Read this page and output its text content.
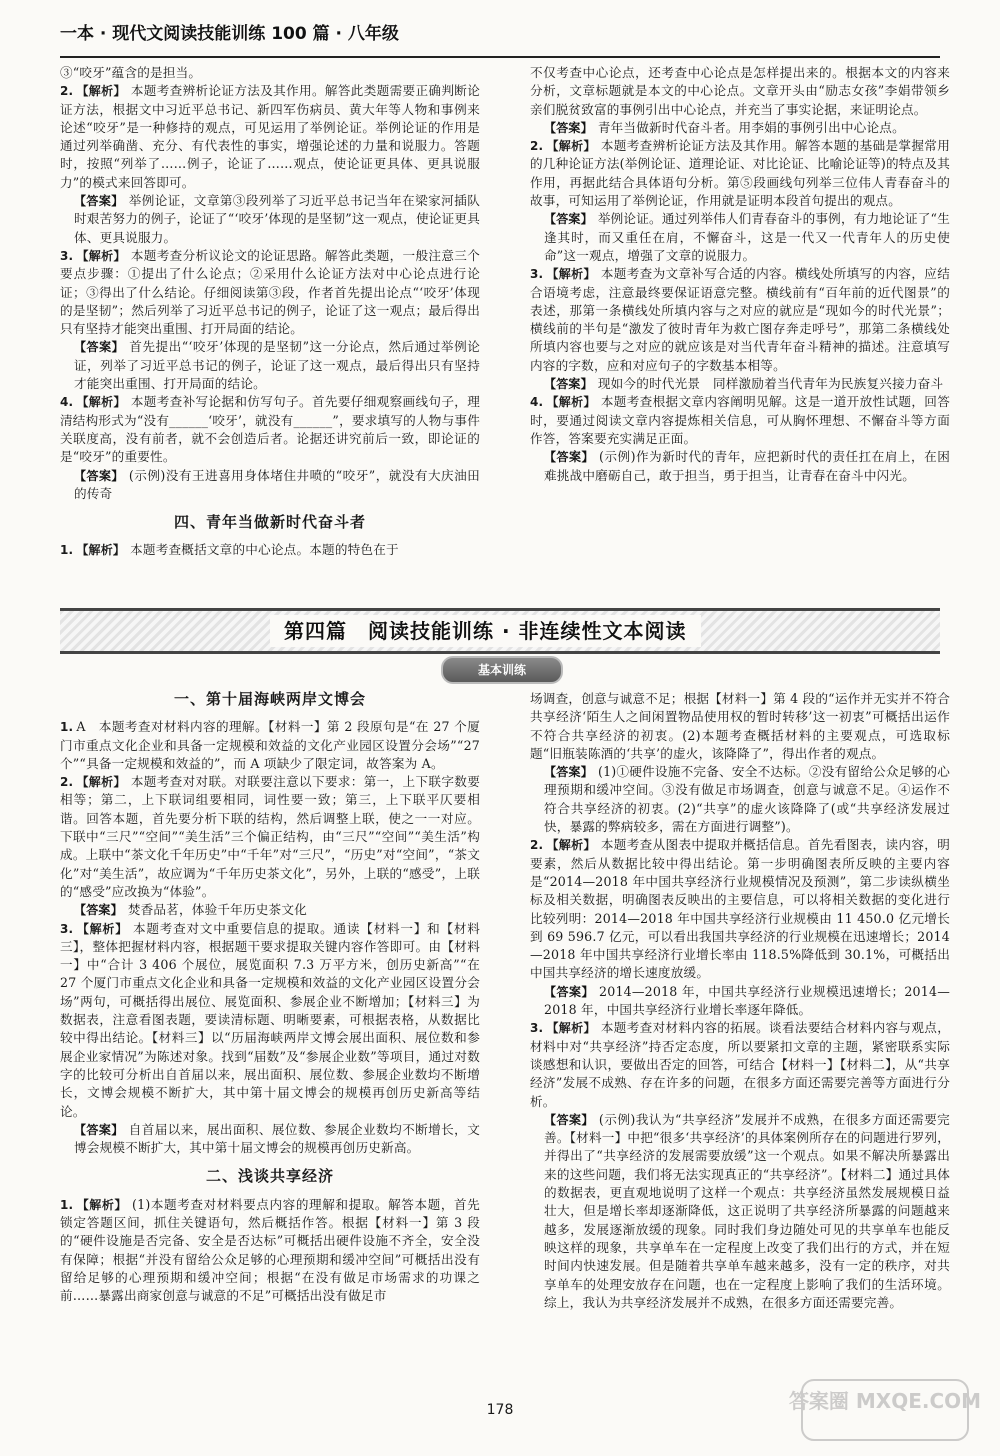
一本 · 现代文阅读技能训练 100 篇 · 八年级

③“咬牙”蕴含的是担当。

2. 【解析】 本题考查辨析论证方法及其作用。解答此类题需要正确判断论证方法，根据文中习近平总书记、新四军伤病员、黄大年等人物和事例来论述“咬牙”是一种修持的观点，可见运用了举例论证。举例论证的作用是通过列举确凿、充分、有代表性的事实，增强论述的力量和说服力。答题时，按照“列举了……例子，论证了……观点，使论证更具体、更具说服力”的模式来回答即可。

【答案】 举例论证，文章第③段列举了习近平总书记当年在梁家河插队时艰苦努力的例子，论证了“‘咬牙’体现的是坚韧”这一观点，使论证更具体、更具说服力。

3. 【解析】 本题考查分析议论文的论证思路。解答此类题，一般注意三个要点步骤：①提出了什么论点；②采用什么论证方法对中心论点进行论证；③得出了什么结论。仔细阅读第③段，作者首先提出论点“‘咬牙’体现的是坚韧”；然后列举了习近平总书记的例子，论证了这一观点；最后得出只有坚持才能突出重围、打开局面的结论。

【答案】 首先提出“‘咬牙’体现的是坚韧”这一分论点，然后通过举例论证，列举了习近平总书记的例子，论证了这一观点，最后得出只有坚持才能突出重围、打开局面的结论。

4. 【解析】 本题考查补写论据和仿写句子。首先要仔细观察画线句子，理清结构形式为“没有______‘咬牙’，就没有______”，要求填写的人物与事件关联度高，没有前者，就不会创造后者。论据还讲究前后一致，即论证的是“咬牙”的重要性。

【答案】 (示例)没有王进喜用身体堵住井喷的“咬牙”，就没有大庆油田的传奇

四、青年当做新时代奋斗者

1. 【解析】 本题考查概括文章的中心论点。本题的特色在于

不仅考查中心论点，还考查中心论点是怎样提出来的。根据本文的内容来分析，文章标题就是本文的中心论点。文章开头由“励志女孩”李娟带领乡亲们脱贫致富的事例引出中心论点，并充当了事实论据，来证明论点。

【答案】 青年当做新时代奋斗者。用李娟的事例引出中心论点。

2. 【解析】 本题考查辨析论证方法及其作用。解答本题的基础是掌握常用的几种论证方法(举例论证、道理论证、对比论证、比喻论证等)的特点及其作用，再据此结合具体语句分析。第⑤段画线句列举三位伟人青春奋斗的故事，可知运用了举例论证，作用就是证明本段首句提出的观点。

【答案】 举例论证。通过列举伟人们青春奋斗的事例，有力地论证了“生逢其时，而又重任在肩，不懈奋斗，这是一代又一代青年人的历史使命”这一观点，增强了文章的说服力。

3. 【解析】 本题考查为文章补写合适的内容。横线处所填写的内容，应结合语境考虑，注意最终要保证语意完整。横线前有“百年前的近代图景”的表述，那第一条横线处所填内容与之对应的就应是“现如今的时代光景”；横线前的半句是“激发了彼时青年为救亡图存奔走呼号”，那第二条横线处所填内容也要与之对应的就应该是对当代青年奋斗精神的描述。注意填写内容的字数，应和对应句子的字数基本相等。

【答案】 现如今的时代光景　同样激励着当代青年为民族复兴接力奋斗

4. 【解析】 本题考查根据文章内容阐明见解。这是一道开放性试题，回答时，要通过阅读文章内容提炼相关信息，可从胸怀理想、不懈奋斗等方面作答，答案要充实满足正面。

【答案】 (示例)作为新时代的青年，应把新时代的责任扛在肩上，在困难挑战中磨砺自己，敢于担当，勇于担当，让青春在奋斗中闪光。

第四篇　阅读技能训练 · 非连续性文本阅读
基本训练
一、第十届海峡两岸文博会

1. A　本题考查对材料内容的理解。【材料一】第 2 段原句是“在 27 个厦门市重点文化企业和具备一定规模和效益的文化产业园区设置分会场”“27 个”“具备一定规模和效益的”，而 A 项缺少了限定词，故答案为 A。

2. 【解析】 本题考查对对联。对联要注意以下要求：第一，上下联字数要相等；第二，上下联词组要相同，词性要一致；第三，上下联平仄要相谐。回答本题，首先要分析下联的结构，然后调整上联，使之一一对应。下联中“三尺”“空间”“美生活”三个偏正结构，由“三尺”“空间”“美生活”构成。上联中“茶文化千年历史”中“千年”对“三尺”，“历史”对“空间”，“茶文化”对“美生活”，故应调为“千年历史茶文化”，另外，上联的“感受”，上联的“感受”应改换为“体验”。

【答案】 焚香品茗，体验千年历史茶文化

3. 【解析】 本题考查对文中重要信息的提取。通读【材料一】和【材料三】，整体把握材料内容，根据题干要求提取关键内容作答即可。由【材料一】中“合计 3 406 个展位，展览面积 7.3 万平方米，创历史新高”“在 27 个厦门市重点文化企业和具备一定规模和效益的文化产业园区设置分会场”两句，可概括得出展位、展览面积、参展企业不断增加；【材料三】为数据表，注意看图表题，要读清标题、明晰要素，可根据表格，从数据比较中得出结论。【材料三】以“历届海峡两岸文博会展出面积、展位数和参展企业家情况”为陈述对象。找到“届数”及“参展企业数”等项目，通过对数字的比较可分析出自首届以来，展出面积、展位数、参展企业数均不断增长，文博会规模不断扩大，其中第十届文博会的规模再创历史新高等结论。

【答案】 自首届以来，展出面积、展位数、参展企业数均不断增长，文博会规模不断扩大，其中第十届文博会的规模再创历史新高。

二、浅谈共享经济

1. 【解析】 (1)本题考查对材料要点内容的理解和提取。解答本题，首先锁定答题区间，抓住关键语句，然后概括作答。根据【材料一】第 3 段的“硬件设施是否完备、安全是否达标”可概括出硬件设施不齐全，安全没有保障；根据“并没有留给公众足够的心理预期和缓冲空间”可概括出没有留给足够的心理预期和缓冲空间；根据“在没有做足市场需求的功课之前……暴露出商家创意与诚意的不足”可概括出没有做足市

场调查，创意与诚意不足；根据【材料一】第 4 段的“运作并无实并不符合共享经济‘陌生人之间闲置物品使用权的暂时转移’这一初衷”可概括出运作不符合共享经济的初衷。(2)本题考查概括材料的主要观点，可选取标题“旧瓶装陈酒的‘共享’的虚火，该降降了”，得出作者的观点。

【答案】 (1)①硬件设施不完备、安全不达标。②没有留给公众足够的心理预期和缓冲空间。③没有做足市场调查，创意与诚意不足。④运作不符合共享经济的初衷。(2)“共享”的虚火该降降了(或“共享经济发展过快，暴露的弊病较多，需在方面进行调整”)。

2. 【解析】 本题考查从图表中提取并概括信息。首先看图表，读内容，明要素，然后从数据比较中得出结论。第一步明确图表所反映的主要内容是“2014—2018 年中国共享经济行业规模情况及预测”，第二步读纵横坐标及相关数据，明确图表反映出的主要信息，可以将相关数据的变化进行比较列明：2014—2018 年中国共享经济行业规模由 11 450.0 亿元增长到 69 596.7 亿元，可以看出我国共享经济的行业规模在迅速增长；2014—2018 年中国共享经济行业增长率由 118.5%降低到 30.1%，可概括出中国共享经济的增长速度放缓。

【答案】 2014—2018 年，中国共享经济行业规模迅速增长；2014—2018 年，中国共享经济行业增长率逐年降低。

3. 【解析】 本题考查对材料内容的拓展。谈看法要结合材料内容与观点，材料中对“共享经济”持否定态度，所以要紧扣文章的主题，紧密联系实际谈感想和认识，要做出否定的回答，可结合【材料一】【材料二】，从“共享经济”发展不成熟、存在许多的问题，在很多方面还需要完善等方面进行分析。

【答案】 (示例)我认为“共享经济”发展并不成熟，在很多方面还需要完善。【材料一】中把“很多‘共享经济’的具体案例所存在的问题进行罗列，并得出了“共享经济的发展需要放缓”这一个观点。如果不解决所暴露出来的这些问题，我们将无法实现真正的“共享经济”。【材料二】通过具体的数据表，更直观地说明了这样一个观点：共享经济虽然发展规模日益壮大，但是增长率却逐渐降低，这正说明了共享经济所暴露的问题越来越多，发展逐渐放缓的现象。同时我们身边随处可见的共享单车也能反映这样的现象，共享单车在一定程度上改变了我们出行的方式，并在短时间内快速发展。但是随着共享单车越来越多，没有一定的秩序，对共享单车的处理安放存在问题，也在一定程度上影响了我们的生活环境。综上，我认为共享经济发展并不成熟，在很多方面还需要完善。

178	答案圈 MXQE.COM
